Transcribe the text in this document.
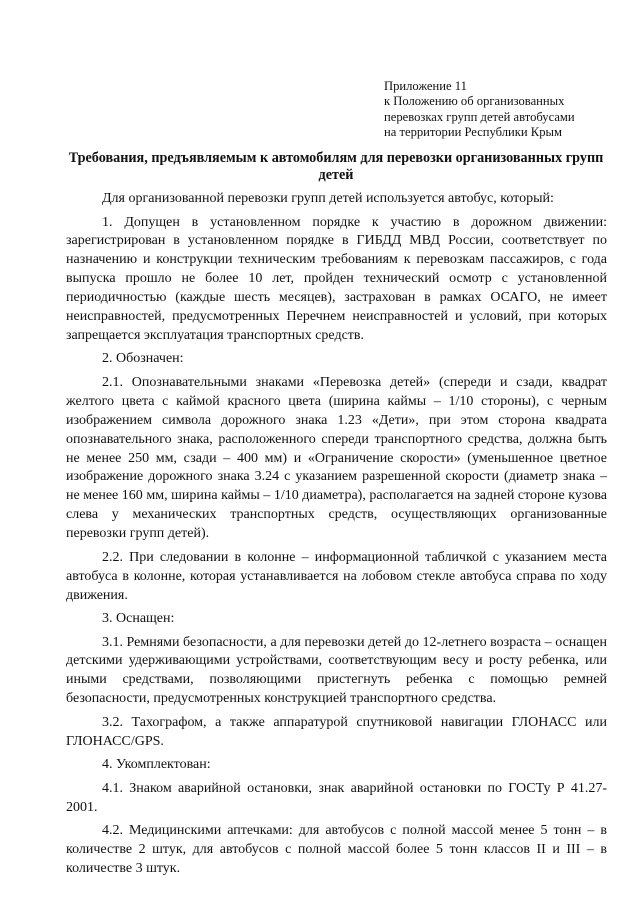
Приложение 11
к Положению об организованных
перевозках групп детей автобусами
на территории Республики Крым
Требования, предъявляемым к автомобилям для перевозки организованных групп детей

Для организованной перевозки групп детей используется автобус, который:

1. Допущен в установленном порядке к участию в дорожном движении: зарегистрирован в установленном порядке в ГИБДД МВД России, соответствует по назначению и конструкции техническим требованиям к перевозкам пассажиров, с года выпуска прошло не более 10 лет, пройден технический осмотр с установленной периодичностью (каждые шесть месяцев), застрахован в рамках ОСАГО, не имеет неисправностей, предусмотренных Перечнем неисправностей и условий, при которых запрещается эксплуатация транспортных средств.

2. Обозначен:

2.1. Опознавательными знаками «Перевозка детей» (спереди и сзади, квадрат желтого цвета с каймой красного цвета (ширина каймы – 1/10 стороны), с черным изображением символа дорожного знака 1.23 «Дети», при этом сторона квадрата опознавательного знака, расположенного спереди транспортного средства, должна быть не менее 250 мм, сзади – 400 мм) и «Ограничение скорости» (уменьшенное цветное изображение дорожного знака 3.24 с указанием разрешенной скорости (диаметр знака – не менее 160 мм, ширина каймы – 1/10 диаметра), располагается на задней стороне кузова слева у механических транспортных средств, осуществляющих организованные перевозки групп детей).

2.2. При следовании в колонне – информационной табличкой с указанием места автобуса в колонне, которая устанавливается на лобовом стекле автобуса справа по ходу движения.

3. Оснащен:

3.1. Ремнями безопасности, а для перевозки детей до 12-летнего возраста – оснащен детскими удерживающими устройствами, соответствующим весу и росту ребенка, или иными средствами, позволяющими пристегнуть ребенка с помощью ремней безопасности, предусмотренных конструкцией транспортного средства.

3.2. Тахографом, а также аппаратурой спутниковой навигации ГЛОНАСС или ГЛОНАСС/GPS.

4. Укомплектован:

4.1. Знаком аварийной остановки, знак аварийной остановки по ГОСТу Р 41.27-2001.

4.2. Медицинскими аптечками: для автобусов с полной массой менее 5 тонн – в количестве 2 штук, для автобусов с полной массой более 5 тонн классов II и III – в количестве 3 штук.
